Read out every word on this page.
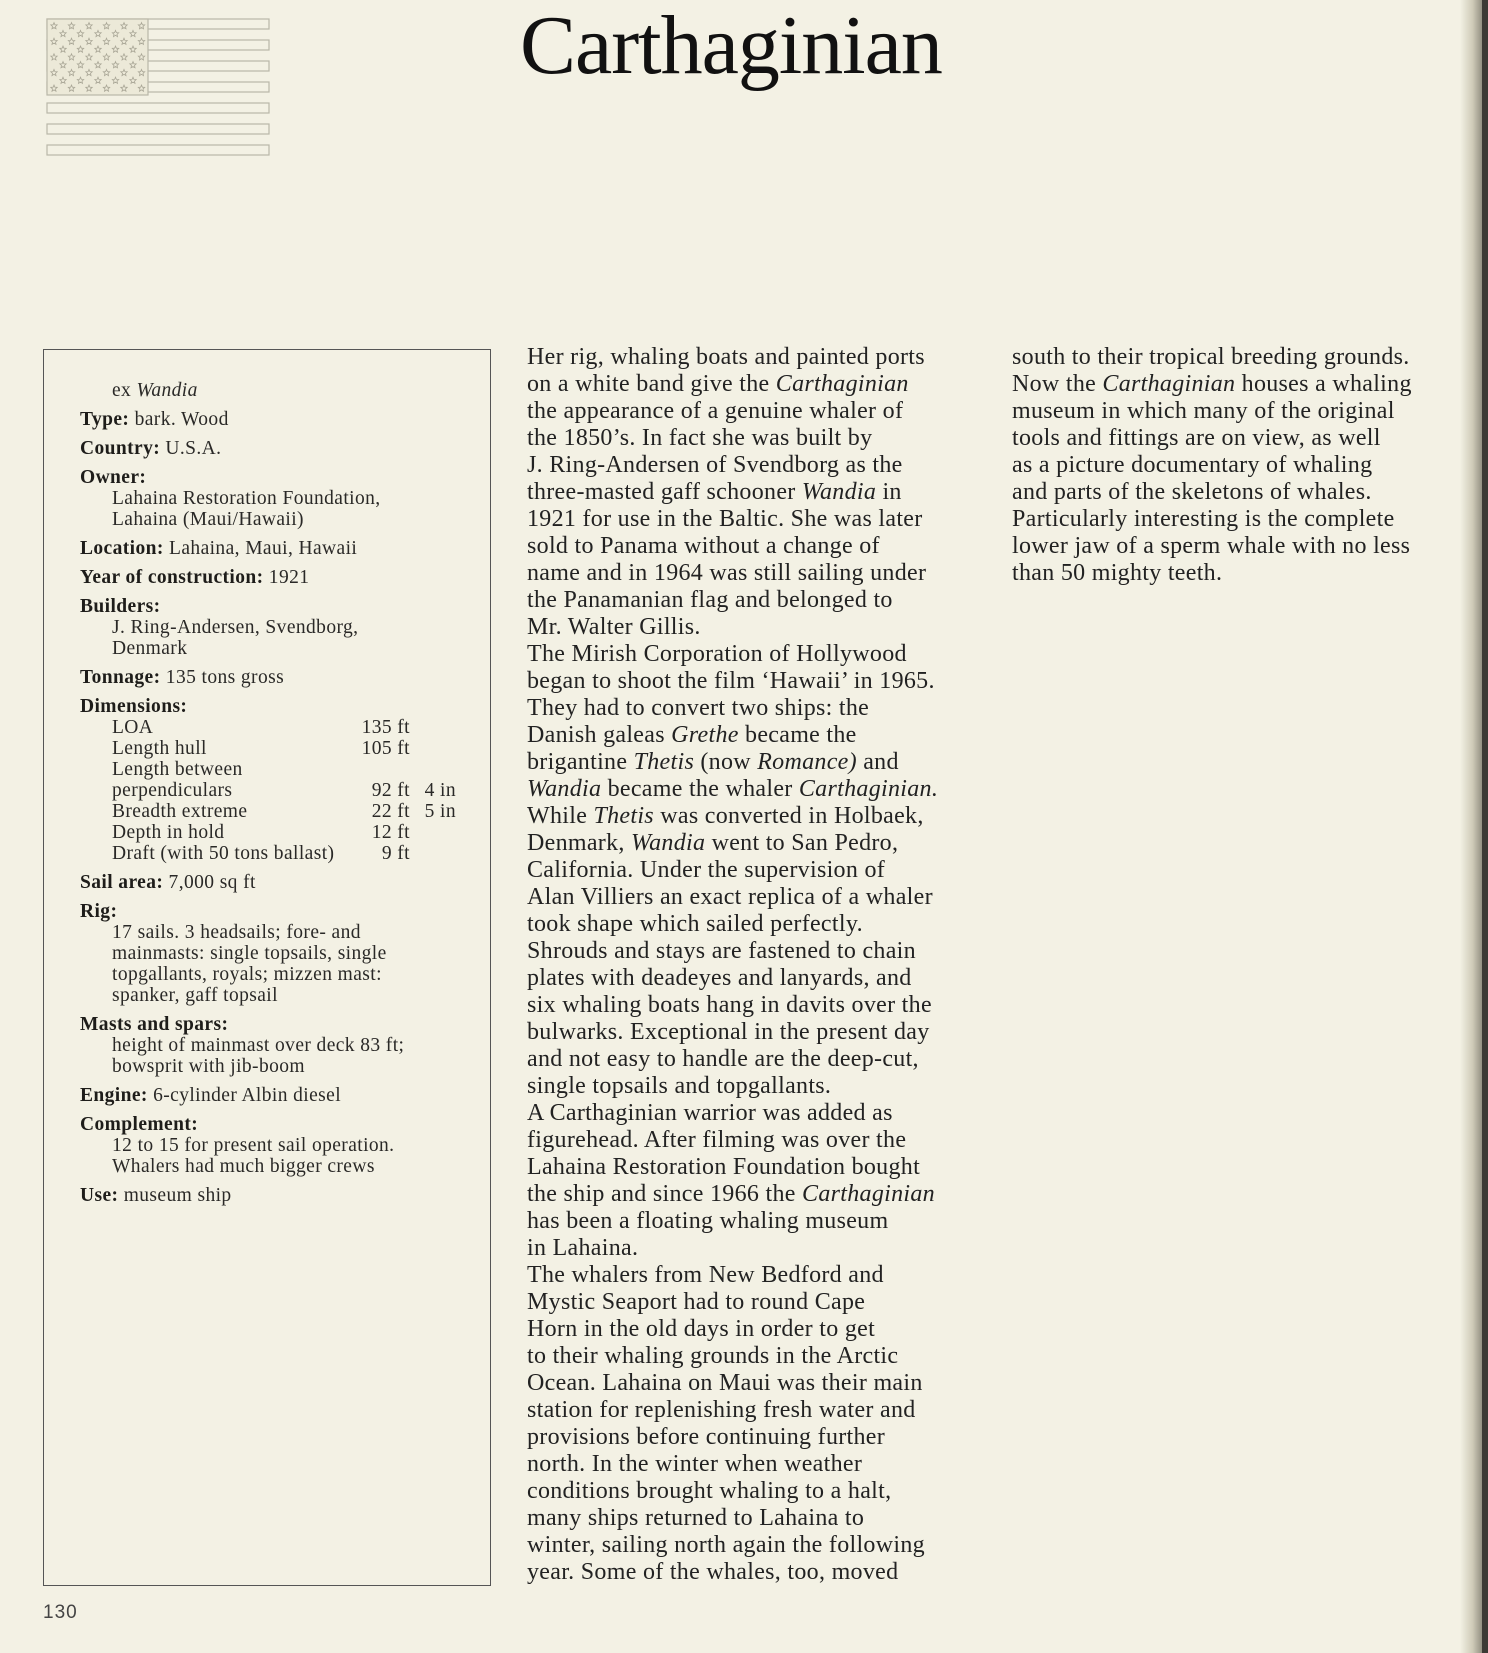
Carthaginian
ex Wandia
Type: bark. Wood
Country: U.S.A.
Owner:
Lahaina Restoration Foundation,
Lahaina (Maui/Hawaii)
Location: Lahaina, Maui, Hawaii
Year of construction: 1921
Builders:
J. Ring-Andersen, Svendborg,
Denmark
Tonnage: 135 tons gross
Dimensions:
LOA	135 ft	
Length hull	105 ft	
Length between		
perpendiculars	92 ft	4 in
Breadth extreme	22 ft	5 in
Depth in hold	12 ft	
Draft (with 50 tons ballast)	9 ft	
Sail area: 7,000 sq ft
Rig:
17 sails. 3 headsails; fore- and
mainmasts: single topsails, single
topgallants, royals; mizzen mast:
spanker, gaff topsail
Masts and spars:
height of mainmast over deck 83 ft;
bowsprit with jib-boom
Engine: 6-cylinder Albin diesel
Complement:
12 to 15 for present sail operation.
Whalers had much bigger crews
Use: museum ship
130
Her rig, whaling boats and painted ports
on a white band give the Carthaginian
the appearance of a genuine whaler of
the 1850’s. In fact she was built by
J. Ring-Andersen of Svendborg as the
three-masted gaff schooner Wandia in
1921 for use in the Baltic. She was later
sold to Panama without a change of
name and in 1964 was still sailing under
the Panamanian flag and belonged to
Mr. Walter Gillis.
The Mirish Corporation of Hollywood
began to shoot the film ‘Hawaii’ in 1965.
They had to convert two ships: the
Danish galeas Grethe became the
brigantine Thetis (now Romance) and
Wandia became the whaler Carthaginian.
While Thetis was converted in Holbaek,
Denmark, Wandia went to San Pedro,
California. Under the supervision of
Alan Villiers an exact replica of a whaler
took shape which sailed perfectly.
Shrouds and stays are fastened to chain
plates with deadeyes and lanyards, and
six whaling boats hang in davits over the
bulwarks. Exceptional in the present day
and not easy to handle are the deep-cut,
single topsails and topgallants.
A Carthaginian warrior was added as
figurehead. After filming was over the
Lahaina Restoration Foundation bought
the ship and since 1966 the Carthaginian
has been a floating whaling museum
in Lahaina.
The whalers from New Bedford and
Mystic Seaport had to round Cape
Horn in the old days in order to get
to their whaling grounds in the Arctic
Ocean. Lahaina on Maui was their main
station for replenishing fresh water and
provisions before continuing further
north. In the winter when weather
conditions brought whaling to a halt,
many ships returned to Lahaina to
winter, sailing north again the following
year. Some of the whales, too, moved
south to their tropical breeding grounds.
Now the Carthaginian houses a whaling
museum in which many of the original
tools and fittings are on view, as well
as a picture documentary of whaling
and parts of the skeletons of whales.
Particularly interesting is the complete
lower jaw of a sperm whale with no less
than 50 mighty teeth.
